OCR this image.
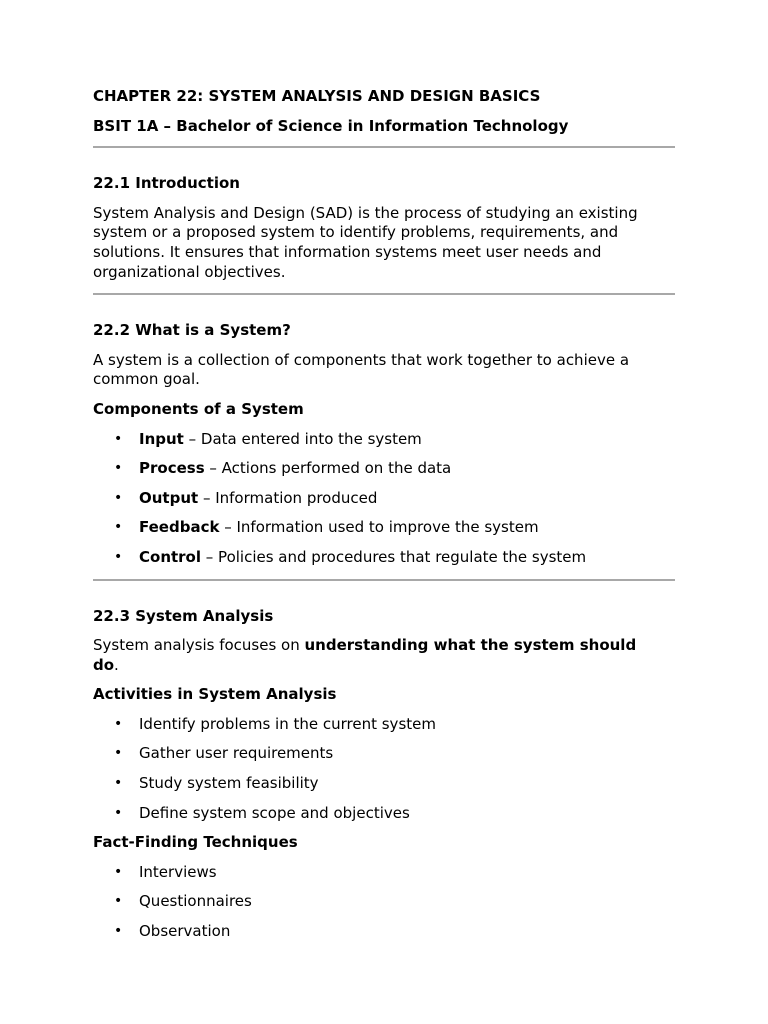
CHAPTER 22: SYSTEM ANALYSIS AND DESIGN BASICS
BSIT 1A – Bachelor of Science in Information Technology
22.1 Introduction

System Analysis and Design (SAD) is the process of studying an existing
system or a proposed system to identify problems, requirements, and
solutions. It ensures that information systems meet user needs and
organizational objectives.

22.2 What is a System?

A system is a collection of components that work together to achieve a
common goal.

Components of a System
• Input – Data entered into the system
• Process – Actions performed on the data
• Output – Information produced
• Feedback – Information used to improve the system
• Control – Policies and procedures that regulate the system
22.3 System Analysis

System analysis focuses on understanding what the system should
do.

Activities in System Analysis
• Identify problems in the current system
• Gather user requirements
• Study system feasibility
• Define system scope and objectives
Fact-Finding Techniques
• Interviews
• Questionnaires
• Observation
